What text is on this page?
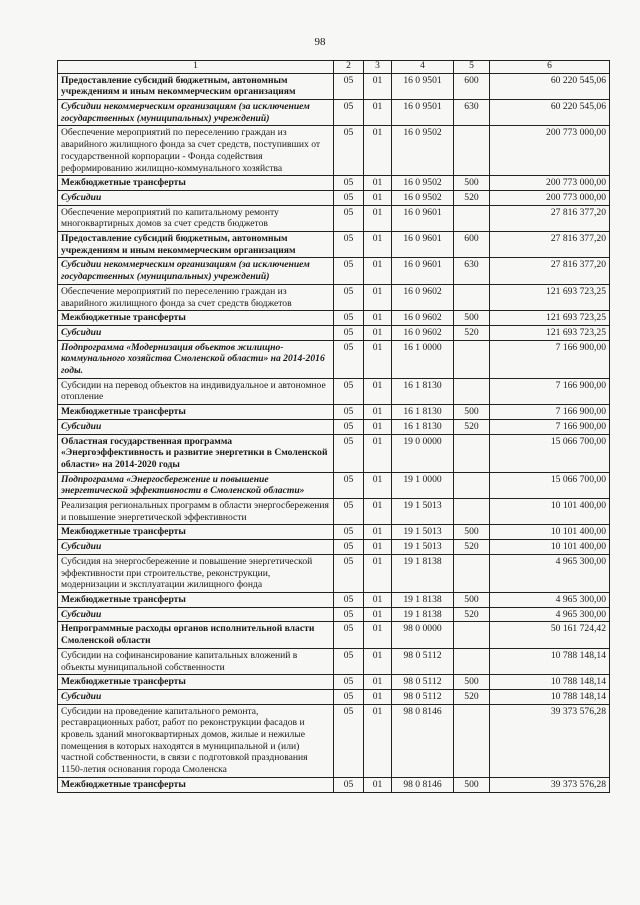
98
1	2	3	4	5	6
Предоставление субсидий бюджетным, автономным учреждениям и иным некоммерческим организациям	05	01	16 0 9501	600	60 220 545,06
Субсидии некоммерческим организациям (за исключением государственных (муниципальных) учреждений)	05	01	16 0 9501	630	60 220 545,06
Обеспечение мероприятий по переселению граждан из аварийного жилищного фонда за счет средств, поступивших от государственной корпорации - Фонда содействия реформированию жилищно-коммунального хозяйства	05	01	16 0 9502		200 773 000,00
Межбюджетные трансферты	05	01	16 0 9502	500	200 773 000,00
Субсидии	05	01	16 0 9502	520	200 773 000,00
Обеспечение мероприятий по капитальному ремонту многоквартирных домов за счет средств бюджетов	05	01	16 0 9601		27 816 377,20
Предоставление субсидий бюджетным, автономным учреждениям и иным некоммерческим организациям	05	01	16 0 9601	600	27 816 377,20
Субсидии некоммерческим организациям (за исключением государственных (муниципальных) учреждений)	05	01	16 0 9601	630	27 816 377,20
Обеспечение мероприятий по переселению граждан из аварийного жилищного фонда за счет средств бюджетов	05	01	16 0 9602		121 693 723,25
Межбюджетные трансферты	05	01	16 0 9602	500	121 693 723,25
Субсидии	05	01	16 0 9602	520	121 693 723,25
Подпрограмма «Модернизация объектов жилищно-коммунального хозяйства Смоленской области» на 2014-2016 годы.	05	01	16 1 0000		7 166 900,00
Субсидии на перевод объектов на индивидуальное и автономное отопление	05	01	16 1 8130		7 166 900,00
Межбюджетные трансферты	05	01	16 1 8130	500	7 166 900,00
Субсидии	05	01	16 1 8130	520	7 166 900,00
Областная государственная программа «Энергоэффективность и развитие энергетики в Смоленской области» на 2014-2020 годы	05	01	19 0 0000		15 066 700,00
Подпрограмма «Энергосбережение и повышение энергетической эффективности в Смоленской области»	05	01	19 1 0000		15 066 700,00
Реализация региональных программ в области энергосбережения и повышение энергетической эффективности	05	01	19 1 5013		10 101 400,00
Межбюджетные трансферты	05	01	19 1 5013	500	10 101 400,00
Субсидии	05	01	19 1 5013	520	10 101 400,00
Субсидия на энергосбережение и повышение энергетической эффективности при строительстве, реконструкции, модернизации и эксплуатации жилищного фонда	05	01	19 1 8138		4 965 300,00
Межбюджетные трансферты	05	01	19 1 8138	500	4 965 300,00
Субсидии	05	01	19 1 8138	520	4 965 300,00
Непрограммные расходы органов исполнительной власти Смоленской области	05	01	98 0 0000		50 161 724,42
Субсидии на софинансирование капитальных вложений в объекты муниципальной собственности	05	01	98 0 5112		10 788 148,14
Межбюджетные трансферты	05	01	98 0 5112	500	10 788 148,14
Субсидии	05	01	98 0 5112	520	10 788 148,14
Субсидии на проведение капитального ремонта, реставрационных работ, работ по реконструкции фасадов и кровель зданий многоквартирных домов, жилые и нежилые помещения в которых находятся в муниципальной и (или) частной собственности, в связи с подготовкой празднования 1150-летия основания города Смоленска	05	01	98 0 8146		39 373 576,28
Межбюджетные трансферты	05	01	98 0 8146	500	39 373 576,28
